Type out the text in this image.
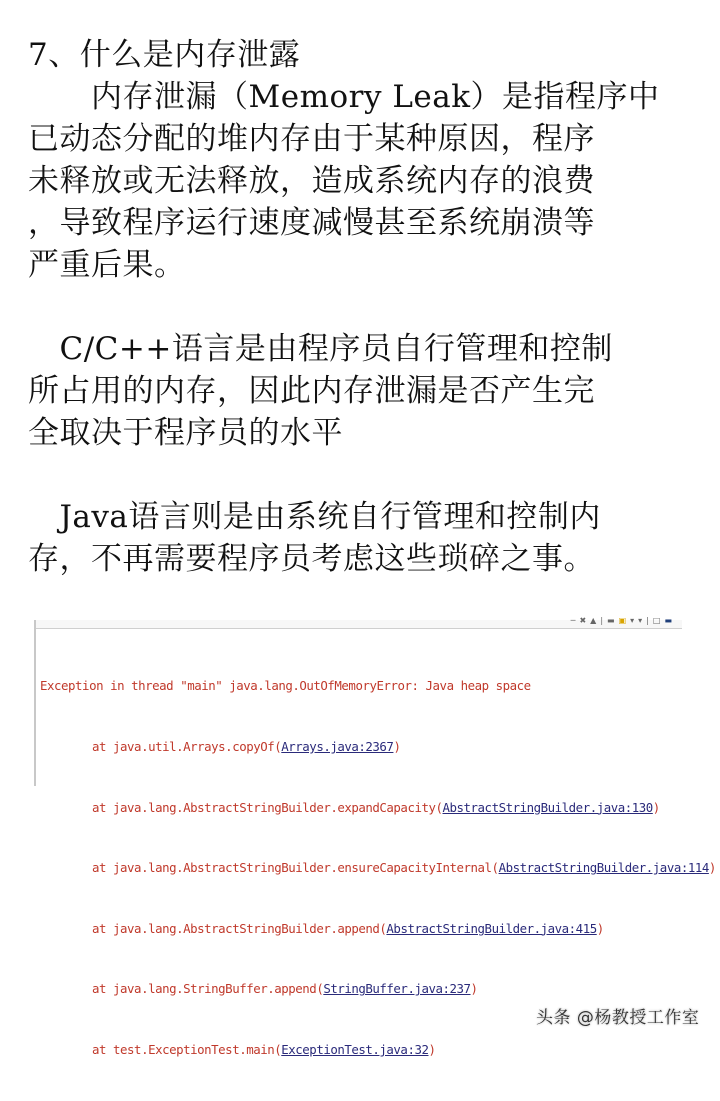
7、什么是内存泄露

　　内存泄漏（Memory Leak）是指程序中

已动态分配的堆内存由于某种原因，程序

未释放或无法释放，造成系统内存的浪费

，导致程序运行速度减慢甚至系统崩溃等

严重后果。

　C/C++语言是由程序员自行管理和控制

所占用的内存，因此内存泄漏是否产生完

全取决于程序员的水平

　Java语言则是由系统自行管理和控制内

存，不再需要程序员考虑这些琐碎之事。

─✖▲|▬▣▾▾|□▬

Exception in thread "main" java.lang.OutOfMemoryError: Java heap space

at java.util.Arrays.copyOf(Arrays.java:2367)

at java.lang.AbstractStringBuilder.expandCapacity(AbstractStringBuilder.java:130)

at java.lang.AbstractStringBuilder.ensureCapacityInternal(AbstractStringBuilder.java:114)

at java.lang.AbstractStringBuilder.append(AbstractStringBuilder.java:415)

at java.lang.StringBuffer.append(StringBuffer.java:237)

at test.ExceptionTest.main(ExceptionTest.java:32)

头条 @杨教授工作室
